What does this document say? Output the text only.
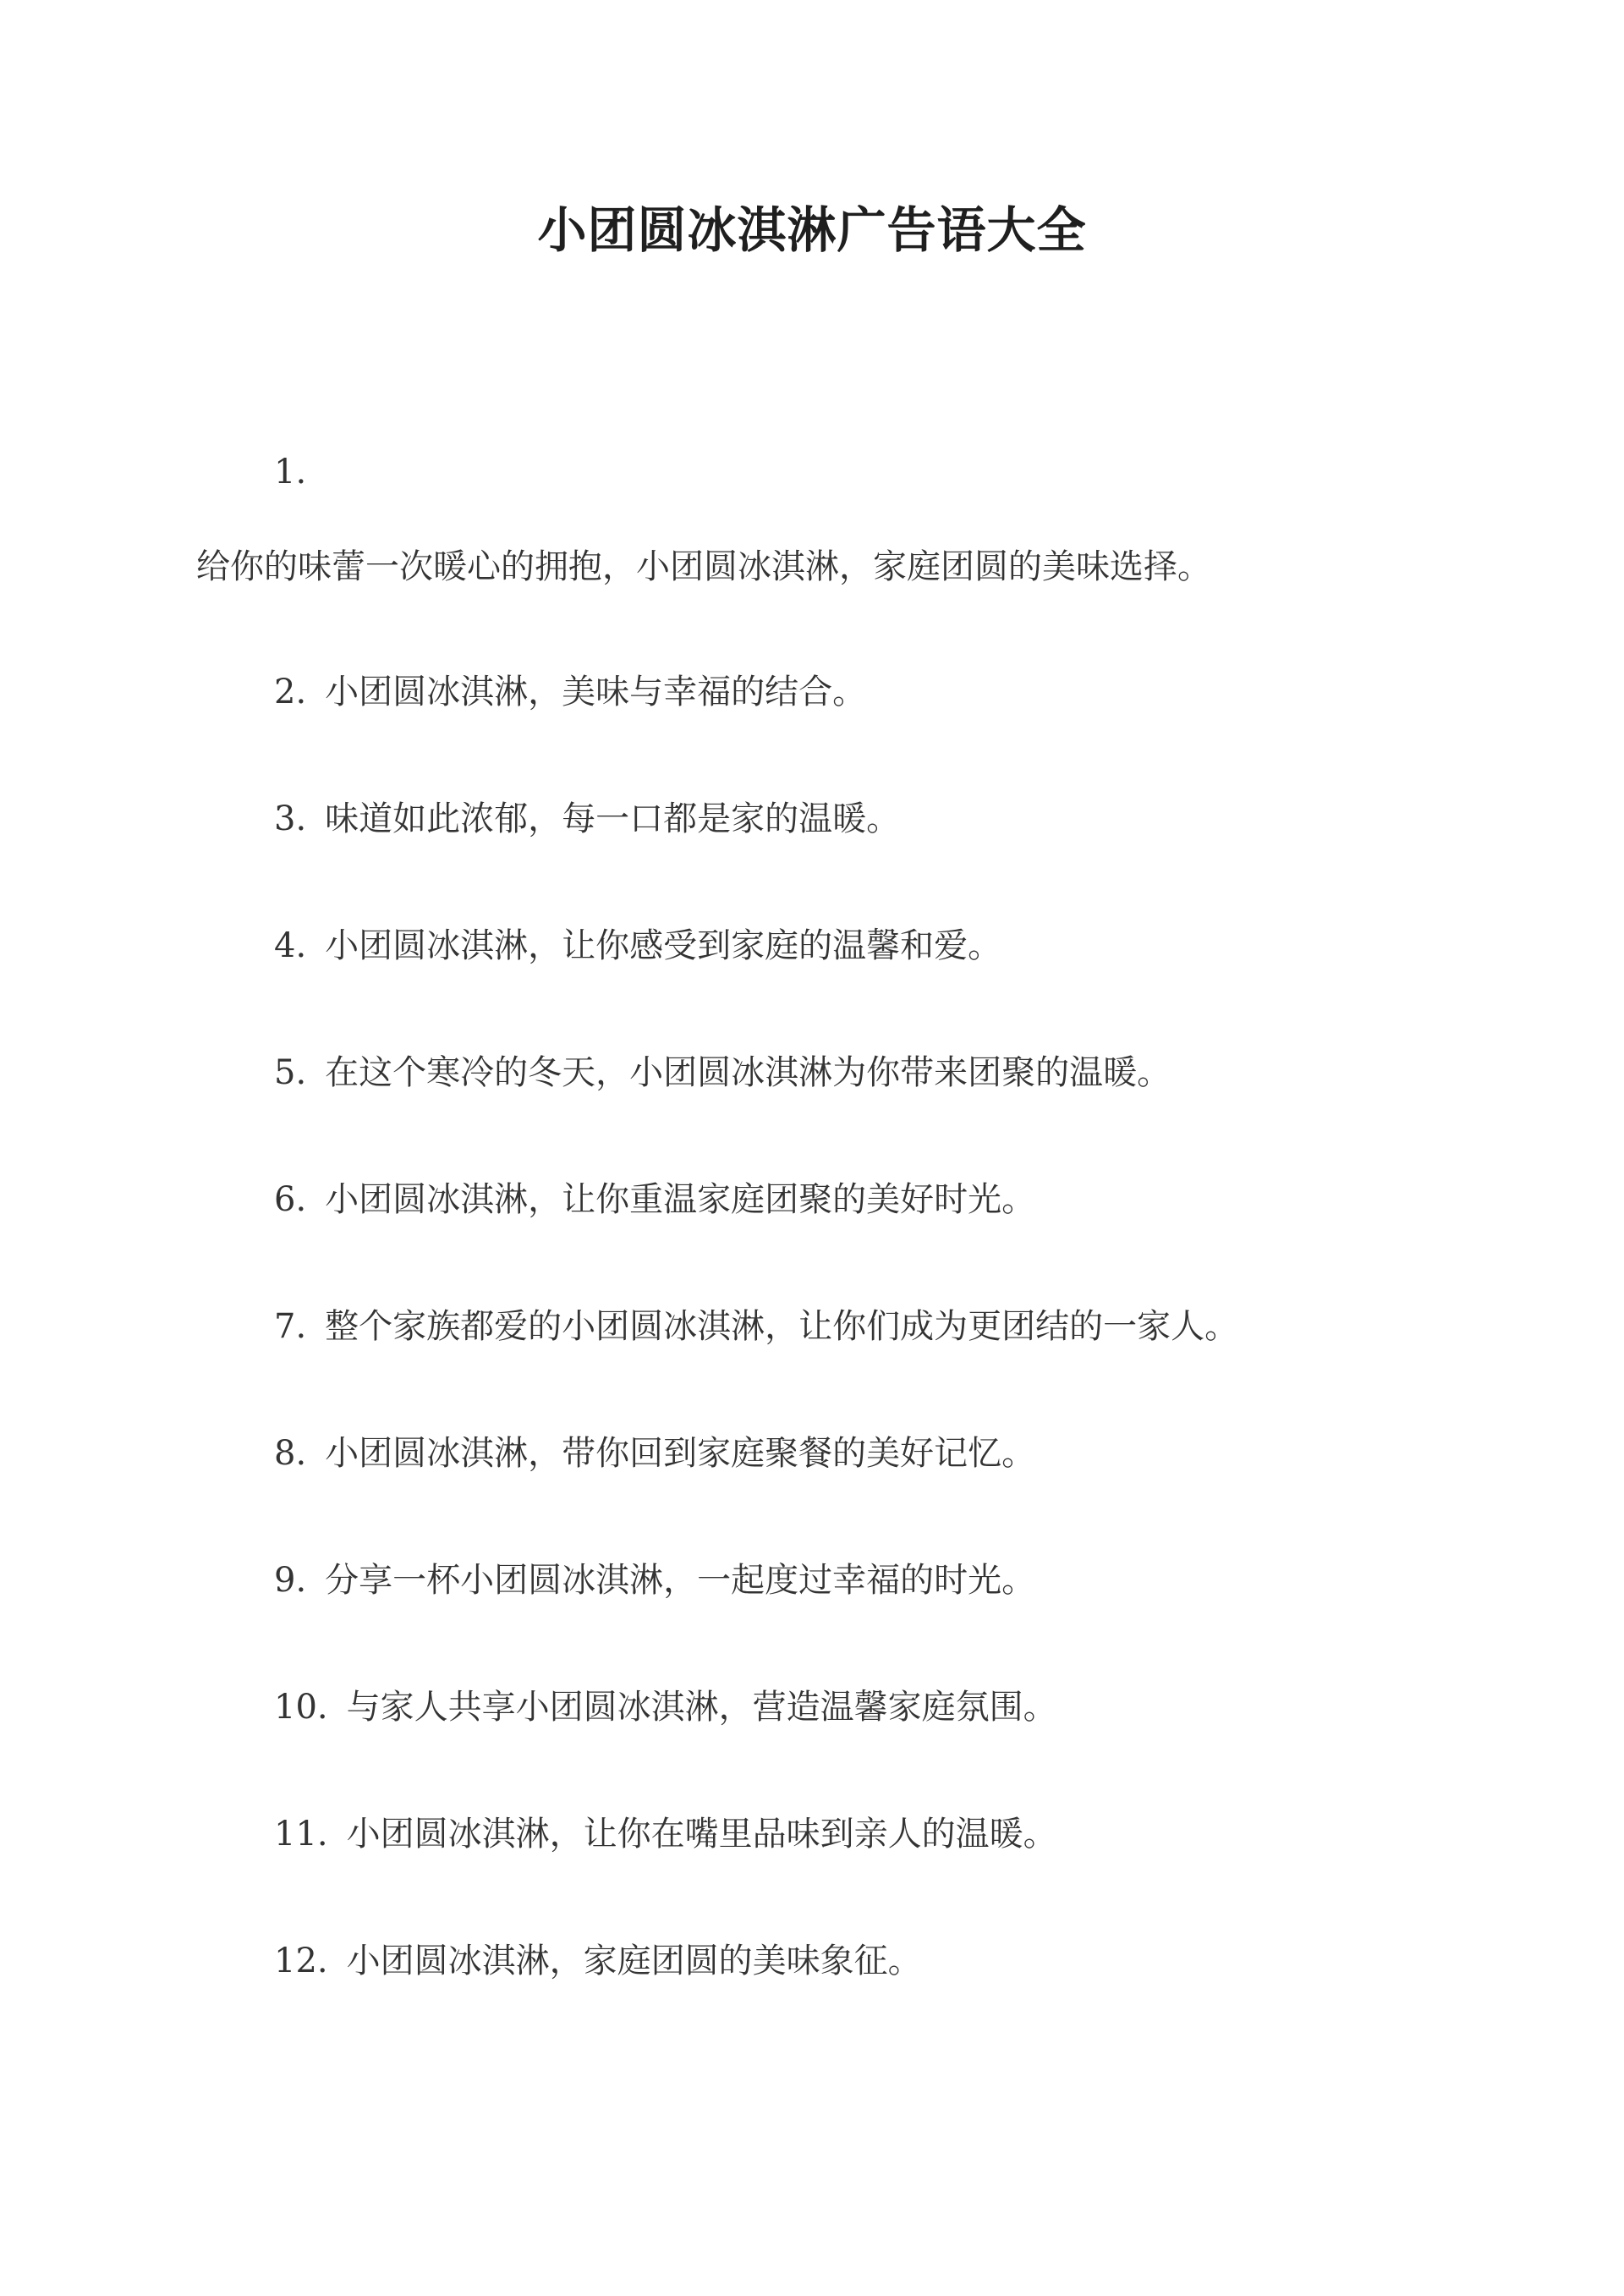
小团圆冰淇淋广告语大全

1.

给你的味蕾一次暖心的拥抱，小团圆冰淇淋，家庭团圆的美味选择。

2. 小团圆冰淇淋，美味与幸福的结合。

3. 味道如此浓郁，每一口都是家的温暖。

4. 小团圆冰淇淋，让你感受到家庭的温馨和爱。

5. 在这个寒冷的冬天，小团圆冰淇淋为你带来团聚的温暖。

6. 小团圆冰淇淋，让你重温家庭团聚的美好时光。

7. 整个家族都爱的小团圆冰淇淋，让你们成为更团结的一家人。

8. 小团圆冰淇淋，带你回到家庭聚餐的美好记忆。

9. 分享一杯小团圆冰淇淋，一起度过幸福的时光。

10. 与家人共享小团圆冰淇淋，营造温馨家庭氛围。

11. 小团圆冰淇淋，让你在嘴里品味到亲人的温暖。

12. 小团圆冰淇淋，家庭团圆的美味象征。
